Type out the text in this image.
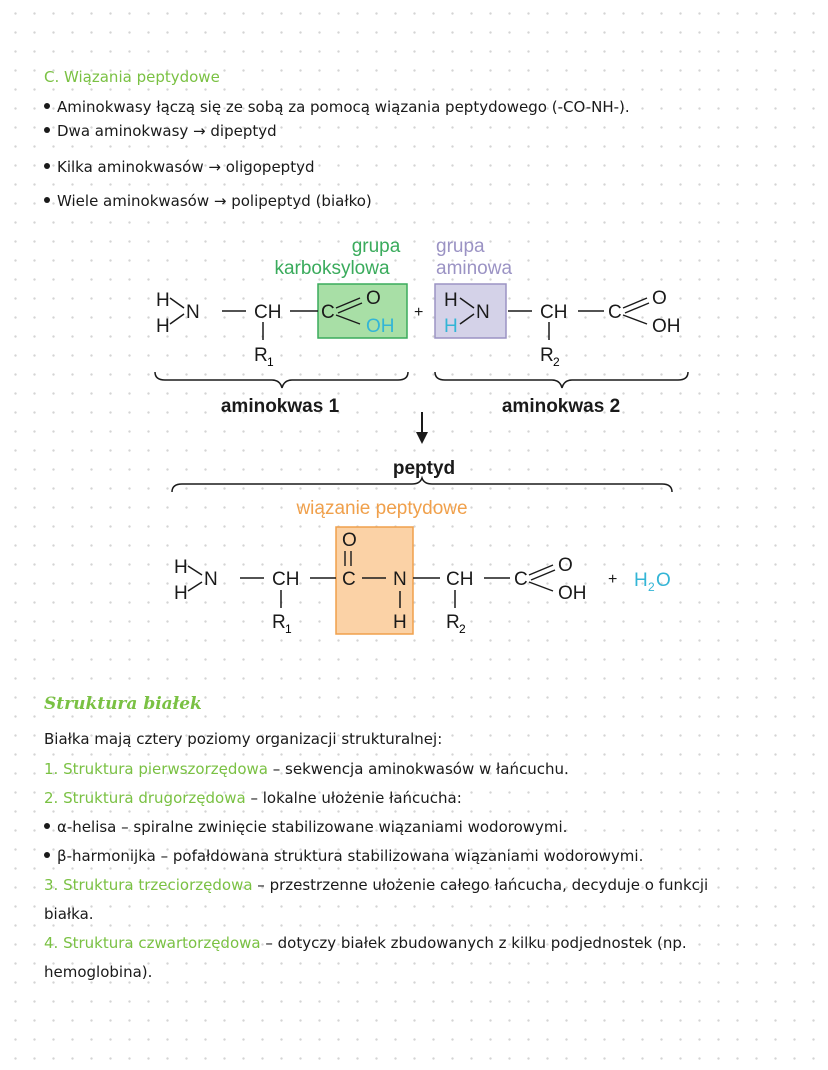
C. Wiązania peptydowe
Aminokwasy łączą się ze sobą za pomocą wiązania peptydowego (-CO-NH-).
Dwa aminokwasy → dipeptyd
Kilka aminokwasów → oligopeptyd
Wiele aminokwasów → polipeptyd (białko)
grupa
karboksylowa
grupa
aminowa
H
H
N	CH C
O
OH
R 1
+
H
H
N	CH C
O
OH
R 2
aminokwas 1	aminokwas 2
peptyd
wiązanie peptydowe
H
H
N	CH
O
C N
H
CH C
O
OH
R 1	R 2
+ H 2 O
Struktura białek
Białka mają cztery poziomy organizacji strukturalnej:
1. Struktura pierwszorzędowa – sekwencja aminokwasów w łańcuchu.
2. Struktura drugorzędowa – lokalne ułożenie łańcucha:
α-helisa – spiralne zwinięcie stabilizowane wiązaniami wodorowymi.
β-harmonijka – pofałdowana struktura stabilizowana wiązaniami wodorowymi.
3. Struktura trzeciorzędowa – przestrzenne ułożenie całego łańcucha, decyduje o funkcji
białka.
4. Struktura czwartorzędowa – dotyczy białek zbudowanych z kilku podjednostek (np.
hemoglobina).
